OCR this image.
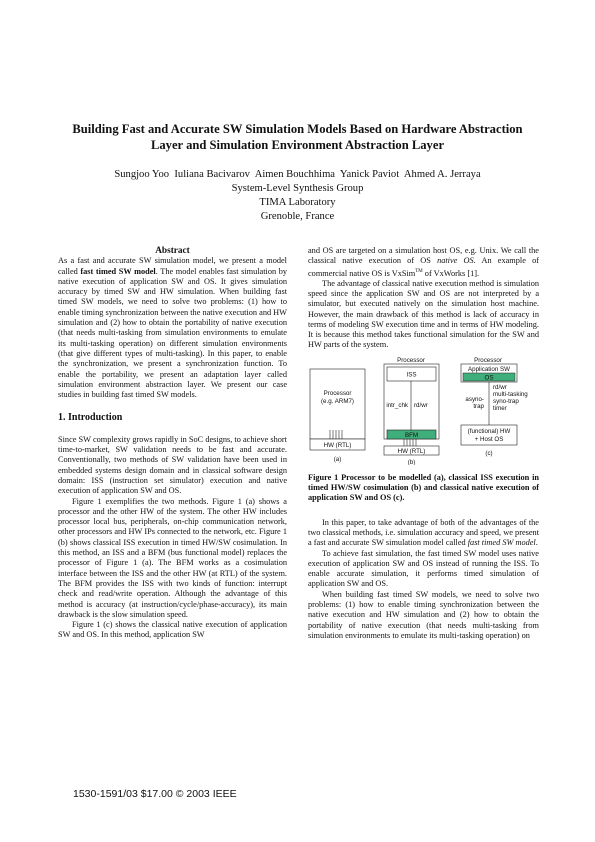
Building Fast and Accurate SW Simulation Models Based on Hardware Abstraction Layer and Simulation Environment Abstraction Layer
Sungjoo Yoo  Iuliana Bacivarov  Aimen Bouchhima  Yanick Paviot  Ahmed A. Jerraya
System-Level Synthesis Group
TIMA Laboratory
Grenoble, France

Abstract

As a fast and accurate SW simulation model, we present a model called fast timed SW model. The model enables fast simulation by native execution of application SW and OS. It gives simulation accuracy by timed SW and HW simulation. When building fast timed SW models, we need to solve two problems: (1) how to enable timing synchronization between the native execution and HW simulation and (2) how to obtain the portability of native execution (that needs multi-tasking from simulation environments to emulate its multi-tasking operation) on different simulation environments (that give different types of multi-tasking). In this paper, to enable the synchronization, we present a synchronization function. To enable the portability, we present an adaptation layer called simulation environment abstraction layer. We present our case studies in building fast timed SW models.

1. Introduction

Since SW complexity grows rapidly in SoC designs, to achieve short time-to-market, SW validation needs to be fast and accurate. Conventionally, two methods of SW validation have been used in embedded systems design domain and in classical software design domain: ISS (instruction set simulator) execution and native execution of application SW and OS.

Figure 1 exemplifies the two methods. Figure 1 (a) shows a processor and the other HW of the system. The other HW includes processor local bus, peripherals, on-chip communication network, other processors and HW IPs connected to the network, etc. Figure 1 (b) shows classical ISS execution in timed HW/SW cosimulation. In this method, an ISS and a BFM (bus functional model) replaces the processor of Figure 1 (a). The BFM works as a cosimulation interface between the ISS and the other HW (at RTL) of the system. The BFM provides the ISS with two kinds of function: interrupt check and read/write operation. Although the advantage of this method is accuracy (at instruction/cycle/phase-accuracy), its main drawback is the slow simulation speed.

Figure 1 (c) shows the classical native execution of application SW and OS. In this method, application SW

and OS are targeted on a simulation host OS, e.g. Unix. We call the classical native execution of OS native OS. An example of commercial native OS is VxSim™ of VxWorks [1].

The advantage of classical native execution method is simulation speed since the application SW and OS are not interpreted by a simulator, but executed natively on the simulation host machine. However, the main drawback of this method is lack of accuracy in terms of modeling SW execution time and in terms of HW modeling. It is because this method takes functional simulation for the SW and HW parts of the system.

Processor
(e.g. ARM7)
HW (RTL)
(a)
Processor
ISS
intr_chk rd/wr
BFM
HW (RTL)
(b)
Processor
Application SW
OS
asyno-
trap
rd/wr
multi-tasking
syno-trap
timer
(functional) HW
+ Host OS
(c)
Figure 1 Processor to be modelled (a), classical ISS execution in timed HW/SW cosimulation (b) and classical native execution of application SW and OS (c).

In this paper, to take advantage of both of the advantages of the two classical methods, i.e. simulation accuracy and speed, we present a fast and accurate SW simulation model called fast timed SW model.

To achieve fast simulation, the fast timed SW model uses native execution of application SW and OS instead of running the ISS. To enable accurate simulation, it performs timed simulation of application SW and OS.

When building fast timed SW models, we need to solve two problems: (1) how to enable timing synchronization between the native execution and HW simulation and (2) how to obtain the portability of native execution (that needs multi-tasking from simulation environments to emulate its multi-tasking operation) on

1530-1591/03 $17.00 © 2003 IEEE
